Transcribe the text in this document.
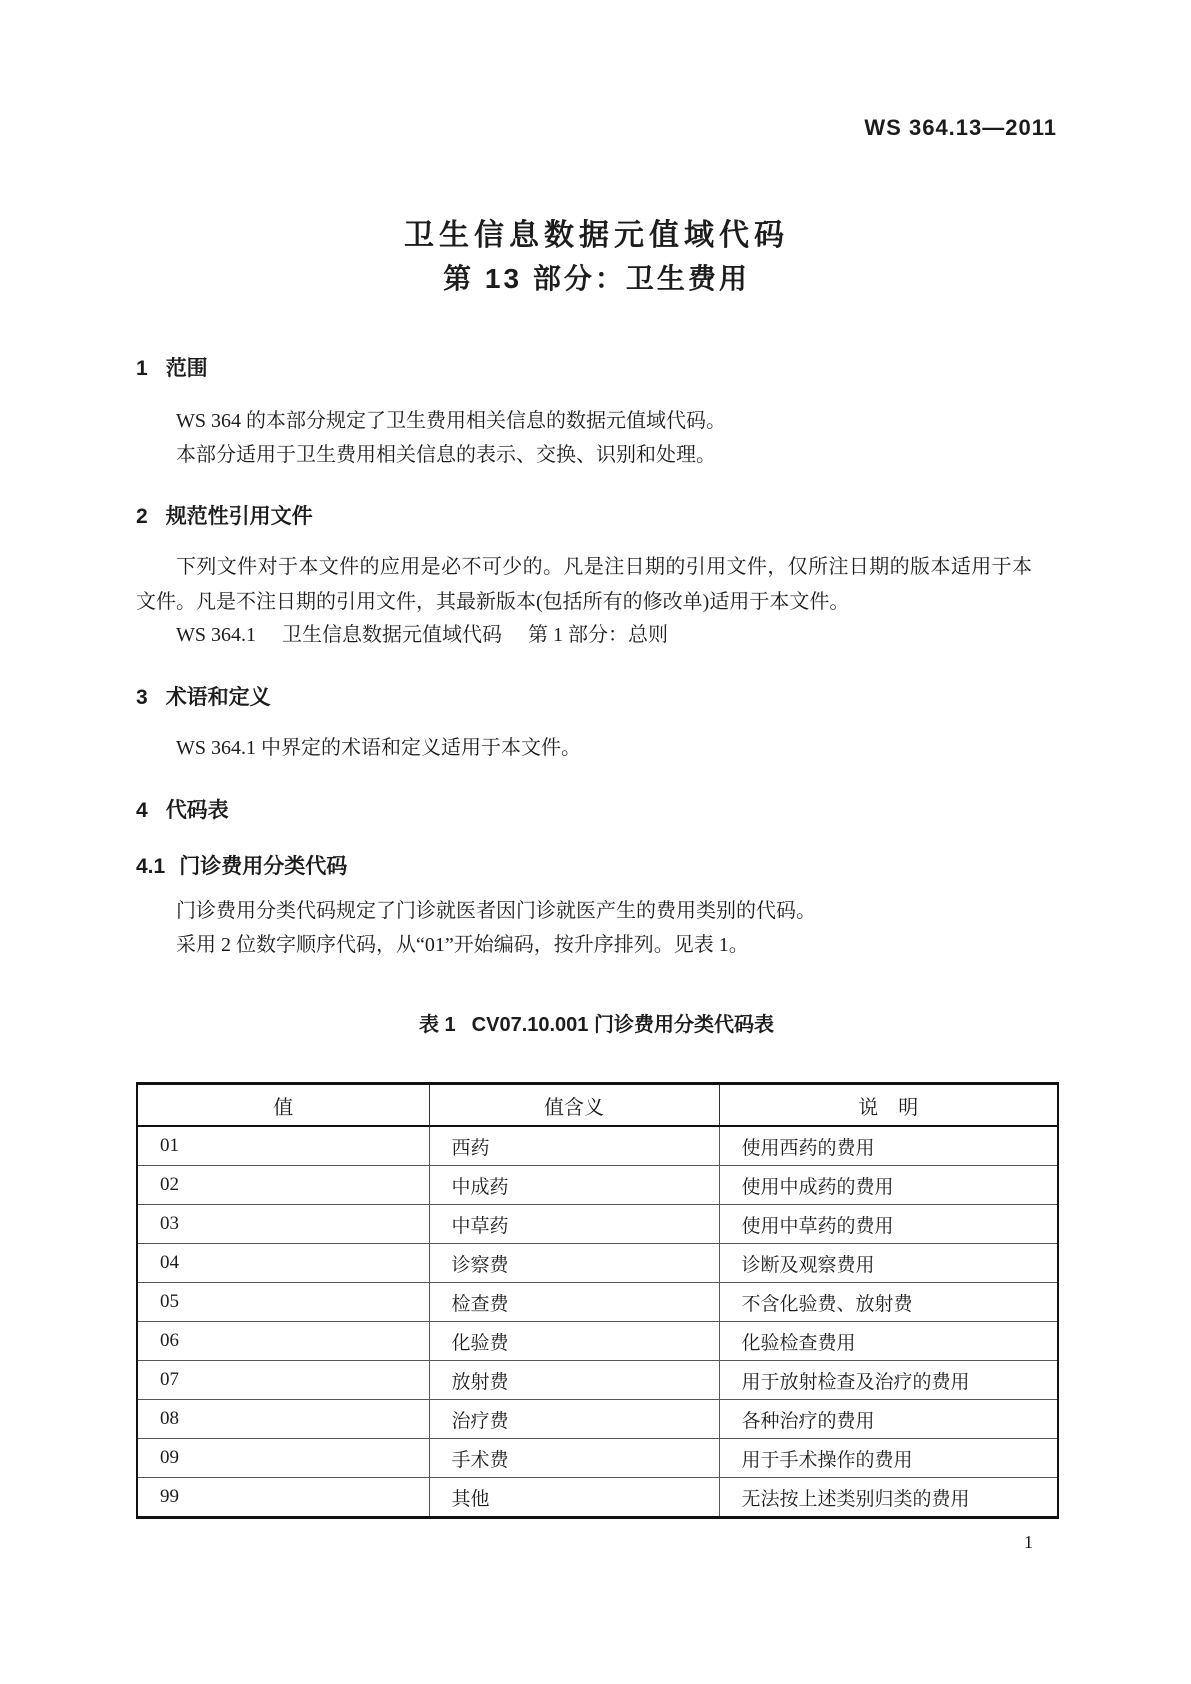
WS 364.13—2011
卫生信息数据元值域代码
第 13 部分：卫生费用
1 范围
WS 364 的本部分规定了卫生费用相关信息的数据元值域代码。
本部分适用于卫生费用相关信息的表示、交换、识别和处理。
2 规范性引用文件
下列文件对于本文件的应用是必不可少的。凡是注日期的引用文件，仅所注日期的版本适用于本文件。凡是不注日期的引用文件，其最新版本(包括所有的修改单)适用于本文件。
WS 364.1 卫生信息数据元值域代码 第 1 部分：总则
3 术语和定义
WS 364.1 中界定的术语和定义适用于本文件。
4 代码表
4.1 门诊费用分类代码
门诊费用分类代码规定了门诊就医者因门诊就医产生的费用类别的代码。
采用 2 位数字顺序代码，从“01”开始编码，按升序排列。见表 1。
表 1 CV07.10.001 门诊费用分类代码表
值	值含义	说　明
01	西药	使用西药的费用
02	中成药	使用中成药的费用
03	中草药	使用中草药的费用
04	诊察费	诊断及观察费用
05	检查费	不含化验费、放射费
06	化验费	化验检查费用
07	放射费	用于放射检查及治疗的费用
08	治疗费	各种治疗的费用
09	手术费	用于手术操作的费用
99	其他	无法按上述类别归类的费用
1
